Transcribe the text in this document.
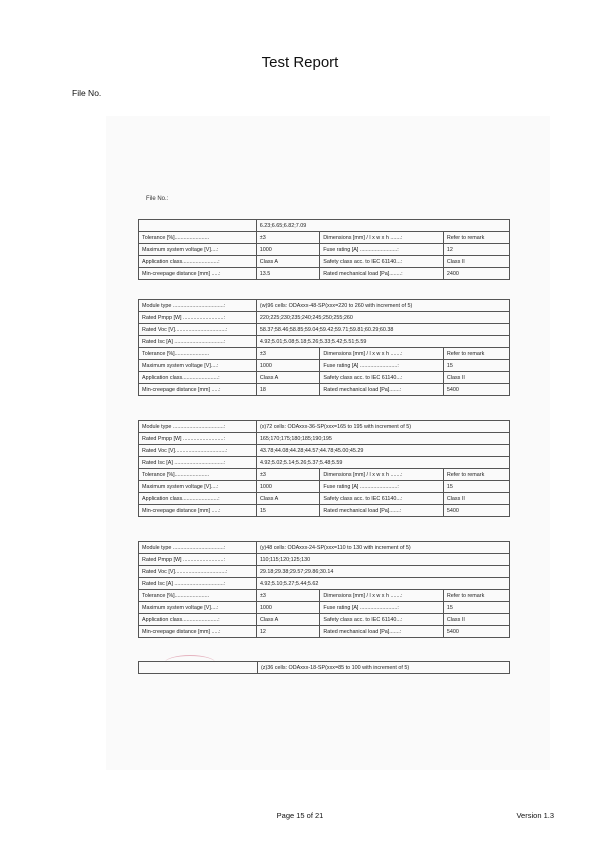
Test Report
File No.
File No.:
	6.23;6.65;6.82;7.09		
Tolerance [%].......................	±3	Dimensions [mm] / l x w x h .......:	Refer to remark
Maximum system voltage [V]....:	1000	Fuse rating [A] .........................:	12
Application class........................:	Class A	Safety class acc. to IEC 61140...:	Class II
Min-creepage distance [mm] .....:	13.5	Rated mechanical load [Pa]........:	2400
Module type ..................................:	(w)96 cells: ODAxxx-48-SP(xxx=220 to 260 with increment of 5)		
Rated Pmpp [W] ...........................:	220;225;230;235;240;245;250;255;260		
Rated Voc [V]..................................:	58.37;58.46;58.85;59.04;59.42;59.71;59.81;60.29;60.38		
Rated Isc [A] .................................:	4.92;5.01;5.08;5.18;5.26;5.33;5.42;5.51;5.59		
Tolerance [%].......................	±3	Dimensions [mm] / l x w x h .......:	Refer to remark
Maximum system voltage [V]....:	1000	Fuse rating [A] .........................:	15
Application class........................:	Class A	Safety class acc. to IEC 61140...:	Class II
Min-creepage distance [mm] .....:	18	Rated mechanical load [Pa].......:	5400
Module type ..................................:	(x)72 cells: ODAxxx-36-SP(xxx=165 to 195 with increment of 5)		
Rated Pmpp [W] ...........................:	165;170;175;180;185;190;195		
Rated Voc [V]..................................:	43.78;44.08;44.28;44.57;44.78;45.00;45.29		
Rated Isc [A] .................................:	4.92;5.02;5.14;5.26;5.37;5.48;5.59		
Tolerance [%].......................	±3	Dimensions [mm] / l x w x h .......:	Refer to remark
Maximum system voltage [V]....:	1000	Fuse rating [A] .........................:	15
Application class........................:	Class A	Safety class acc. to IEC 61140...:	Class II
Min-creepage distance [mm] .....:	15	Rated mechanical load [Pa].......:	5400
Module type ..................................:	(y)48 cells: ODAxxx-24-SP(xxx=110 to 130 with increment of 5)		
Rated Pmpp [W] ...........................:	110;115;120;125;130		
Rated Voc [V]..................................:	29.18;29.38;29.57;29.86;30.14		
Rated Isc [A] .................................:	4.92;5.10;5.27;5.44;5.62		
Tolerance [%].......................	±3	Dimensions [mm] / l x w x h .......:	Refer to remark
Maximum system voltage [V]....:	1000	Fuse rating [A] .........................:	15
Application class........................:	Class A	Safety class acc. to IEC 61140...:	Class II
Min-creepage distance [mm] .....:	12	Rated mechanical load [Pa].......:	5400
	(z)36 cells: ODAxxx-18-SP(xxx=85 to 100 with increment of 5)
Page 15 of 21	Version 1.3
